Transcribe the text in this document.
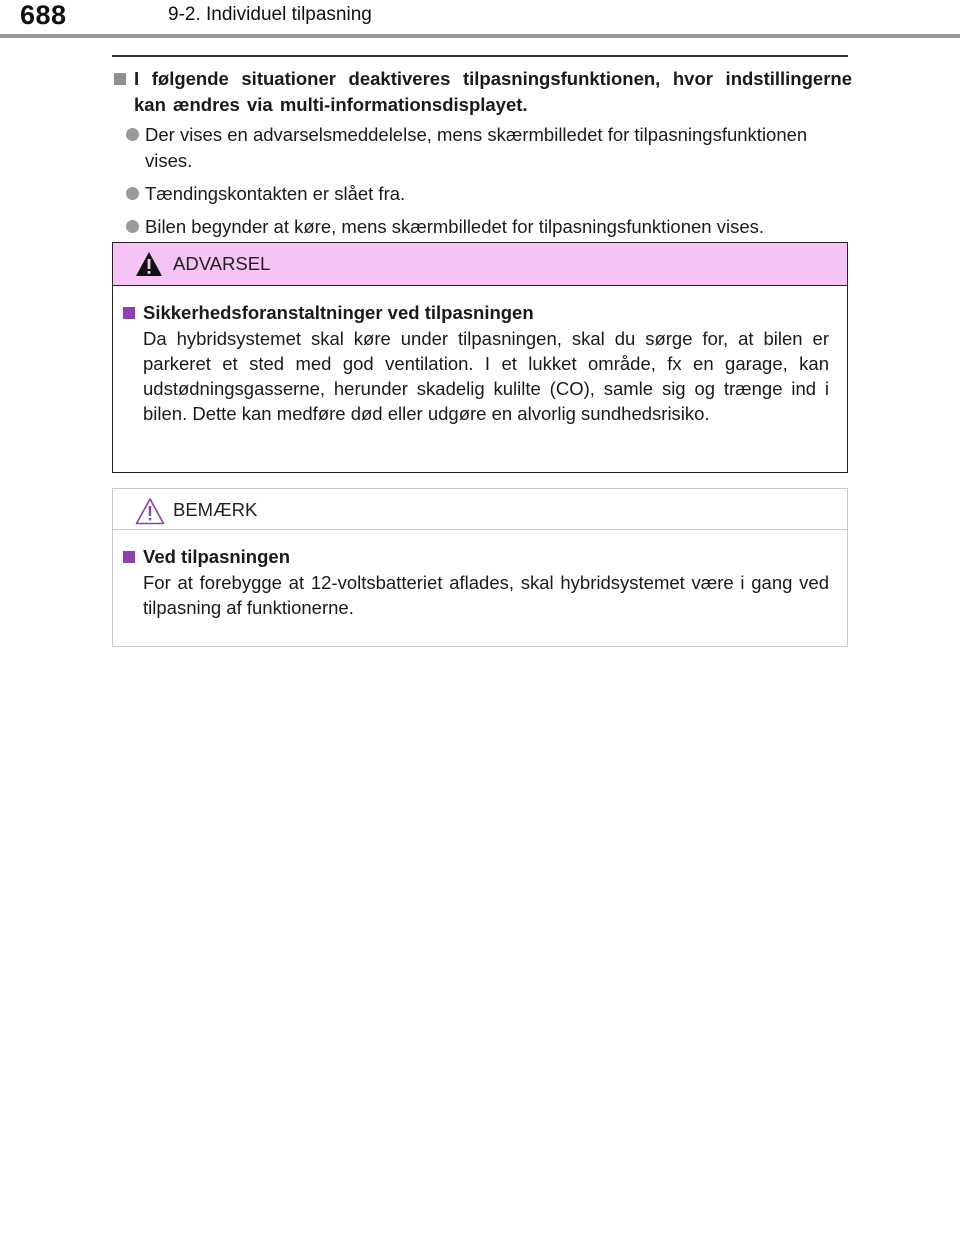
688	9-2. Individuel tilpasning
I følgende situationer deaktiveres tilpasningsfunktionen, hvor indstillingerne kan ændres via multi-informationsdisplayet.
Der vises en advarselsmeddelelse, mens skærmbilledet for tilpasningsfunktionen vises.
Tændingskontakten er slået fra.
Bilen begynder at køre, mens skærmbilledet for tilpasningsfunktionen vises.
ADVARSEL
Sikkerhedsforanstaltninger ved tilpasningen
Da hybridsystemet skal køre under tilpasningen, skal du sørge for, at bilen er parkeret et sted med god ventilation. I et lukket område, fx en garage, kan udstødningsgasserne, herunder skadelig kulilte (CO), samle sig og trænge ind i bilen. Dette kan medføre død eller udgøre en alvorlig sundhedsrisiko.
BEMÆRK
Ved tilpasningen
For at forebygge at 12-voltsbatteriet aflades, skal hybridsystemet være i gang ved tilpasning af funktionerne.
